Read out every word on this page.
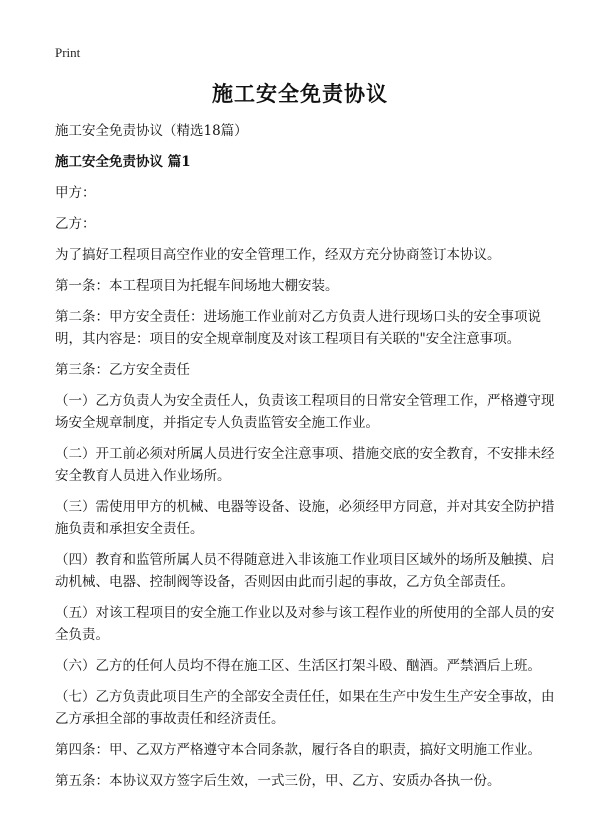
Print
施工安全免责协议

施工安全免责协议（精选18篇）

施工安全免责协议 篇1

甲方：

乙方：

为了搞好工程项目高空作业的安全管理工作，经双方充分协商签订本协议。

第一条：本工程项目为托辊车间场地大棚安装。

第二条：甲方安全责任：进场施工作业前对乙方负责人进行现场口头的安全事项说明，其内容是：项目的安全规章制度及对该工程项目有关联的"安全注意事项。

第三条：乙方安全责任

（一）乙方负责人为安全责任人，负责该工程项目的日常安全管理工作，严格遵守现场安全规章制度，并指定专人负责监管安全施工作业。

（二）开工前必须对所属人员进行安全注意事项、措施交底的安全教育，不安排未经安全教育人员进入作业场所。

（三）需使用甲方的机械、电器等设备、设施，必须经甲方同意，并对其安全防护措施负责和承担安全责任。

（四）教育和监管所属人员不得随意进入非该施工作业项目区域外的场所及触摸、启动机械、电器、控制阀等设备，否则因由此而引起的事故，乙方负全部责任。

（五）对该工程项目的安全施工作业以及对参与该工程作业的所使用的全部人员的安全负责。

（六）乙方的任何人员均不得在施工区、生活区打架斗殴、酗酒。严禁酒后上班。

（七）乙方负责此项目生产的全部安全责任任，如果在生产中发生生产安全事故，由乙方承担全部的事故责任和经济责任。

第四条：甲、乙双方严格遵守本合同条款，履行各自的职责，搞好文明施工作业。

第五条：本协议双方签字后生效，一式三份，甲、乙方、安质办各执一份。
